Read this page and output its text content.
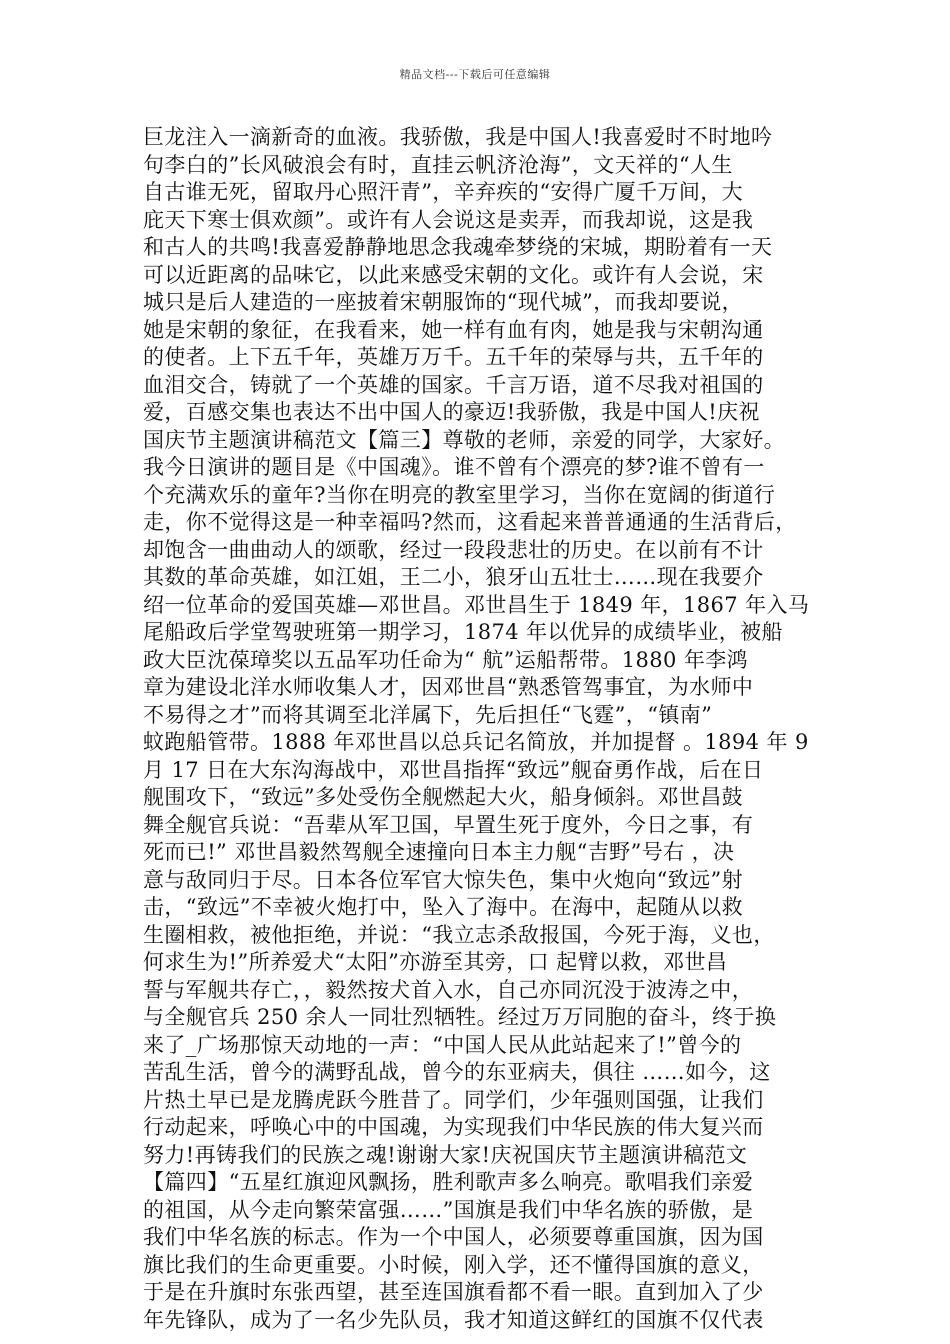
精品文档---下载后可任意编辑
巨龙注入一滴新奇的血液。我骄傲，我是中国人!我喜爱时不时地吟
句李白的”长风破浪会有时，直挂云帆济沧海”，文天祥的“人生
自古谁无死，留取丹心照汗青”，辛弃疾的“安得广厦千万间，大
庇天下寒士俱欢颜”。或许有人会说这是卖弄，而我却说，这是我
和古人的共鸣!我喜爱静静地思念我魂牵梦绕的宋城，期盼着有一天
可以近距离的品味它，以此来感受宋朝的文化。或许有人会说，宋
城只是后人建造的一座披着宋朝服饰的“现代城”，而我却要说，
她是宋朝的象征，在我看来，她一样有血有肉，她是我与宋朝沟通
的使者。上下五千年，英雄万万千。五千年的荣辱与共，五千年的
血泪交合，铸就了一个英雄的国家。千言万语，道不尽我对祖国的
爱，百感交集也表达不出中国人的豪迈!我骄傲，我是中国人!庆祝
国庆节主题演讲稿范文【篇三】尊敬的老师，亲爱的同学，大家好。
我今日演讲的题目是《中国魂》。谁不曾有个漂亮的梦?谁不曾有一
个充满欢乐的童年?当你在明亮的教室里学习，当你在宽阔的街道行
走，你不觉得这是一种幸福吗?然而，这看起来普普通通的生活背后，
却饱含一曲曲动人的颂歌，经过一段段悲壮的历史。在以前有不计
其数的革命英雄，如江姐，王二小，狼牙山五壮士……现在我要介
绍一位革命的爱国英雄—邓世昌。邓世昌生于 1849 年，1867 年入马
尾船政后学堂驾驶班第一期学习，1874 年以优异的成绩毕业，被船
政大臣沈葆璋奖以五品军功任命为“ 航”运船帮带。1880 年李鸿
章为建设北洋水师收集人才，因邓世昌“熟悉管驾事宜，为水师中
不易得之才”而将其调至北洋属下，先后担任“飞霆”，“镇南”
蚊跑船管带。1888 年邓世昌以总兵记名简放，并加提督 。1894 年 9
月 17 日在大东沟海战中，邓世昌指挥“致远”舰奋勇作战，后在日
舰围攻下，“致远”多处受伤全舰燃起大火，船身倾斜。邓世昌鼓
舞全舰官兵说：“吾辈从军卫国，早置生死于度外，今日之事，有
死而已!” 邓世昌毅然驾舰全速撞向日本主力舰“吉野”号右 ，决
意与敌同归于尽。日本各位军官大惊失色，集中火炮向“致远”射
击，“致远”不幸被火炮打中，坠入了海中。在海中，起随从以救
生圈相救，被他拒绝，并说：“我立志杀敌报国，今死于海，义也，
何求生为!”所养爱犬“太阳”亦游至其旁，口 起臂以救，邓世昌
誓与军舰共存亡，，毅然按犬首入水，自己亦同沉没于波涛之中，
与全舰官兵 250 余人一同壮烈牺牲。经过万万同胞的奋斗，终于换
来了_广场那惊天动地的一声：“中国人民从此站起来了!”曾今的
苦乱生活，曾今的满野乱战，曾今的东亚病夫，俱往 ……如今，这
片热土早已是龙腾虎跃今胜昔了。同学们，少年强则国强，让我们
行动起来，呼唤心中的中国魂，为实现我们中华民族的伟大复兴而
努力!再铸我们的民族之魂!谢谢大家!庆祝国庆节主题演讲稿范文
【篇四】“五星红旗迎风飘扬，胜利歌声多么响亮。歌唱我们亲爱
的祖国，从今走向繁荣富强……”国旗是我们中华名族的骄傲，是
我们中华名族的标志。作为一个中国人，必须要尊重国旗，因为国
旗比我们的生命更重要。小时候，刚入学，还不懂得国旗的意义，
于是在升旗时东张西望，甚至连国旗看都不看一眼。直到加入了少
年先锋队，成为了一名少先队员，我才知道这鲜红的国旗不仅代表
